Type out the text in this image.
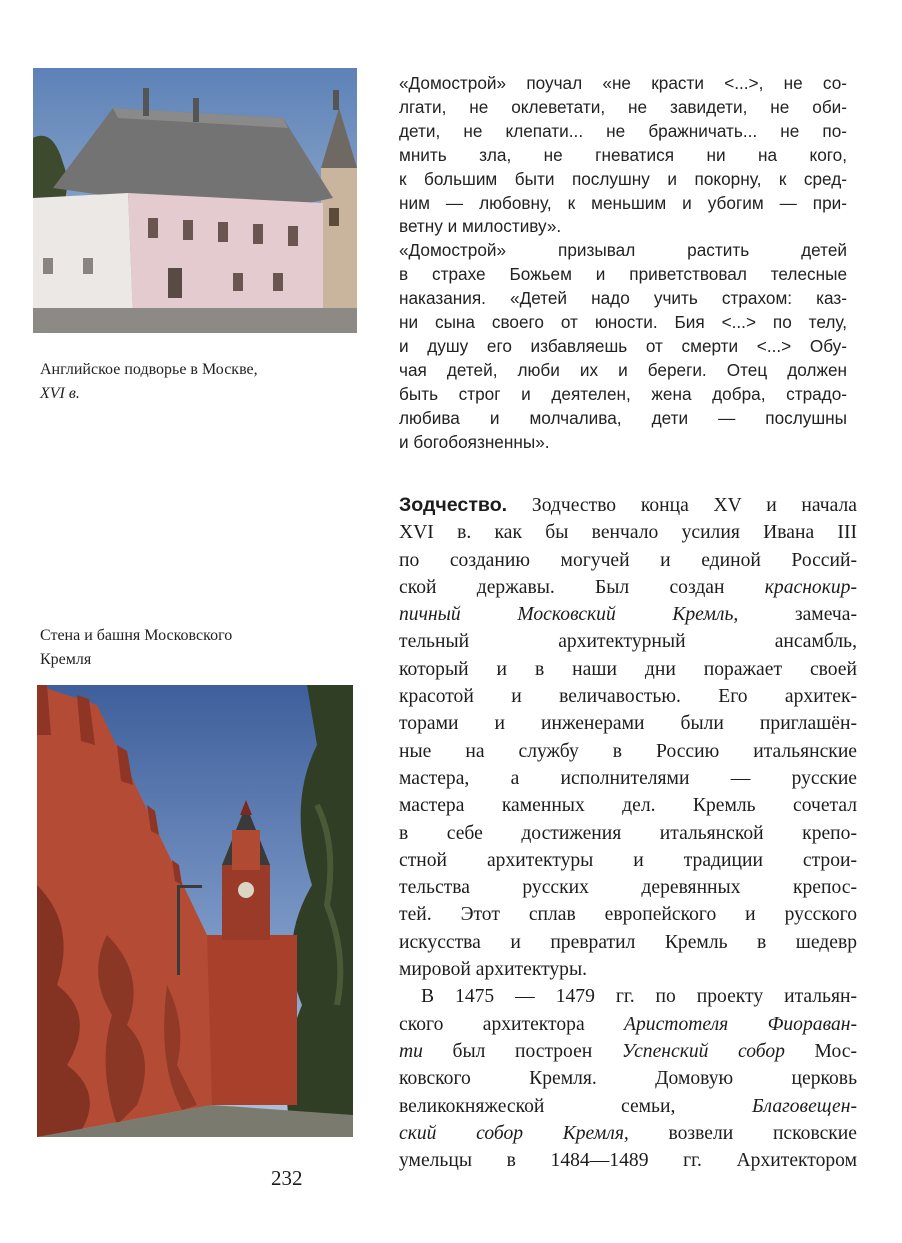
Английское подворье в Москве,
XVI в.
«Домострой» поучал «не красти <...>, не со-
лгати, не оклеветати, не завидети, не оби-
дети, не клепати... не бражничать... не по-
мнить зла, не гневатися ни на кого,
к большим быти послушну и покорну, к сред-
ним — любовну, к меньшим и убогим — при-
ветну и милостиву».
«Домострой» призывал растить детей
в страхе Божьем и приветствовал телесные
наказания. «Детей надо учить страхом: каз-
ни сына своего от юности. Бия <...> по телу,
и душу его избавляешь от смерти <...> Обу-
чая детей, люби их и береги. Отец должен
быть строг и деятелен, жена добра, страдо-
любива и молчалива, дети — послушны
и богобоязненны».
Стена и башня Московского
Кремля
Зодчество. Зодчество конца XV и начала
XVI в. как бы венчало усилия Ивана III
по созданию могучей и единой Россий-
ской державы. Был создан краснокир-
пичный Московский Кремль,	замеча-
тельный архитектурный ансамбль,
который и в наши дни поражает своей
красотой и величавостью. Его архитек-
торами и инженерами были приглашён-
ные на службу в Россию итальянские
мастера, а исполнителями — русские
мастера каменных дел. Кремль сочетал
в себе достижения итальянской крепо-
стной архитектуры и традиции строи-
тельства русских деревянных крепос-
тей. Этот сплав европейского и русского
искусства и превратил Кремль в шедевр
мировой архитектуры.
В 1475 — 1479 гг. по проекту итальян-
ского архитектора Аристотеля Фиораван-
ти был построен Успенский собор Мос-
ковского Кремля. Домовую церковь
великокняжеской семьи,	Благовещен-
ский собор Кремля, возвели псковские
умельцы в 1484—1489 гг. Архитектором
232
